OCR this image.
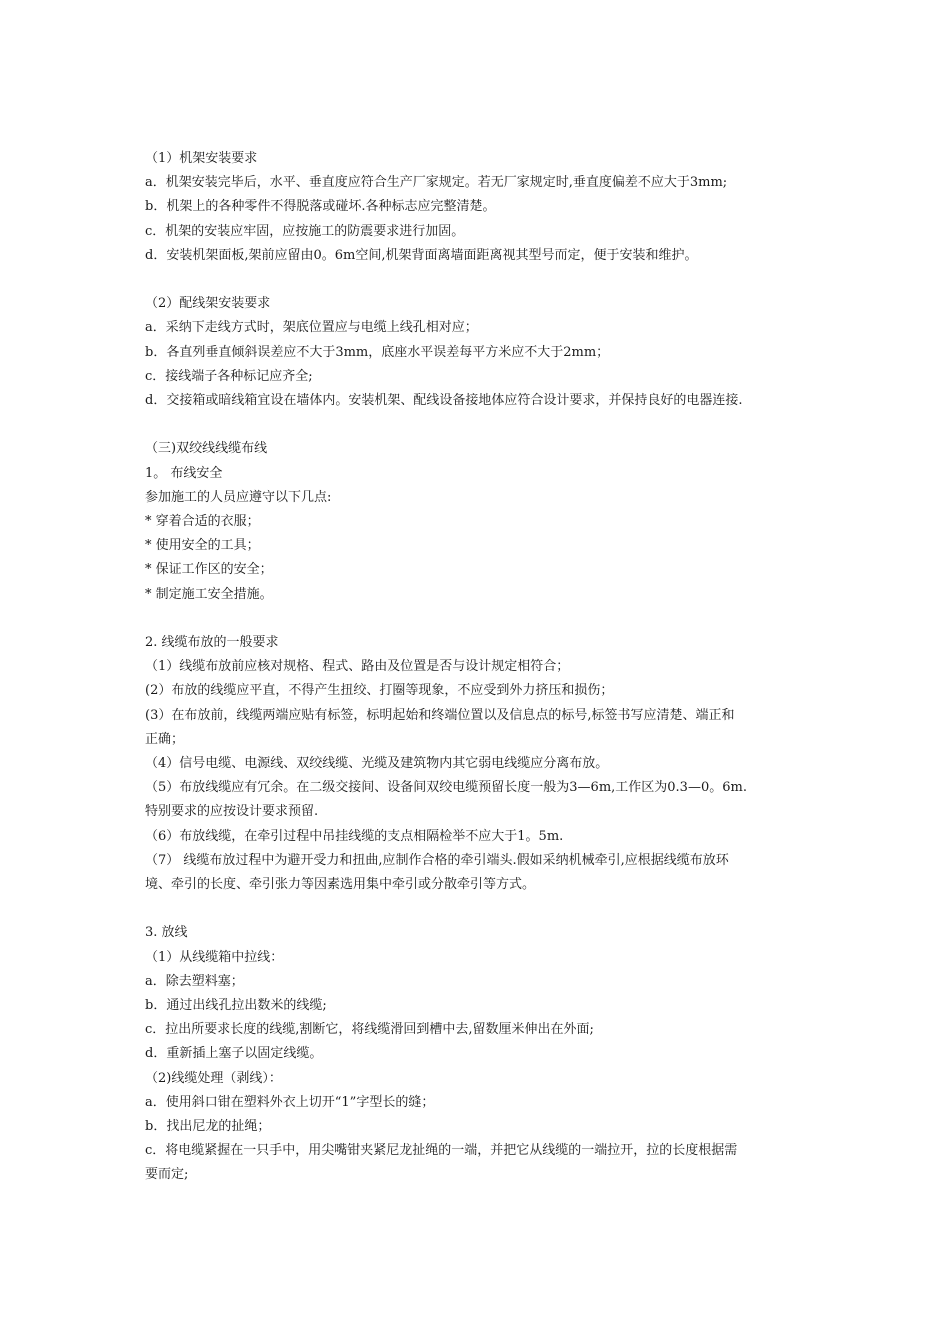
（1）机架安装要求
a．机架安装完毕后，水平、垂直度应符合生产厂家规定。若无厂家规定时,垂直度偏差不应大于3mm;
b．机架上的各种零件不得脱落或碰坏.各种标志应完整清楚。
c．机架的安装应牢固，应按施工的防震要求进行加固。
d．安装机架面板,架前应留由0。6m空间,机架背面离墙面距离视其型号而定，便于安装和维护。
（2）配线架安装要求
a．采纳下走线方式时，架底位置应与电缆上线孔相对应；
b．各直列垂直倾斜误差应不大于3mm，底座水平误差每平方米应不大于2mm；
c．接线端子各种标记应齐全;
d．交接箱或暗线箱宜设在墙体内。安装机架、配线设备接地体应符合设计要求，并保持良好的电器连接.
（三)双绞线线缆布线
1。 布线安全
参加施工的人员应遵守以下几点:
* 穿着合适的衣服；
* 使用安全的工具；
* 保证工作区的安全；
* 制定施工安全措施。
2. 线缆布放的一般要求
（1）线缆布放前应核对规格、程式、路由及位置是否与设计规定相符合；
(2）布放的线缆应平直，不得产生扭绞、打圈等现象，不应受到外力挤压和损伤；
(3）在布放前，线缆两端应贴有标签，标明起始和终端位置以及信息点的标号,标签书写应清楚、端正和
正确；
（4）信号电缆、电源线、双绞线缆、光缆及建筑物内其它弱电线缆应分离布放。
（5）布放线缆应有冗余。在二级交接间、设备间双绞电缆预留长度一般为3—6m,工作区为0.3—0。6m.
特别要求的应按设计要求预留.
（6）布放线缆，在牵引过程中吊挂线缆的支点相隔检举不应大于1。5m.
（7） 线缆布放过程中为避开受力和扭曲,应制作合格的牵引端头.假如采纳机械牵引,应根据线缆布放环
境、牵引的长度、牵引张力等因素选用集中牵引或分散牵引等方式。
3. 放线
（1）从线缆箱中拉线：
a．除去塑料塞；
b．通过出线孔拉出数米的线缆;
c．拉出所要求长度的线缆,割断它，将线缆滑回到槽中去,留数厘米伸出在外面;
d．重新插上塞子以固定线缆。
（2)线缆处理（剥线）：
a．使用斜口钳在塑料外衣上切开“1”字型长的缝；
b．找出尼龙的扯绳；
c．将电缆紧握在一只手中，用尖嘴钳夹紧尼龙扯绳的一端，并把它从线缆的一端拉开，拉的长度根据需
要而定;
